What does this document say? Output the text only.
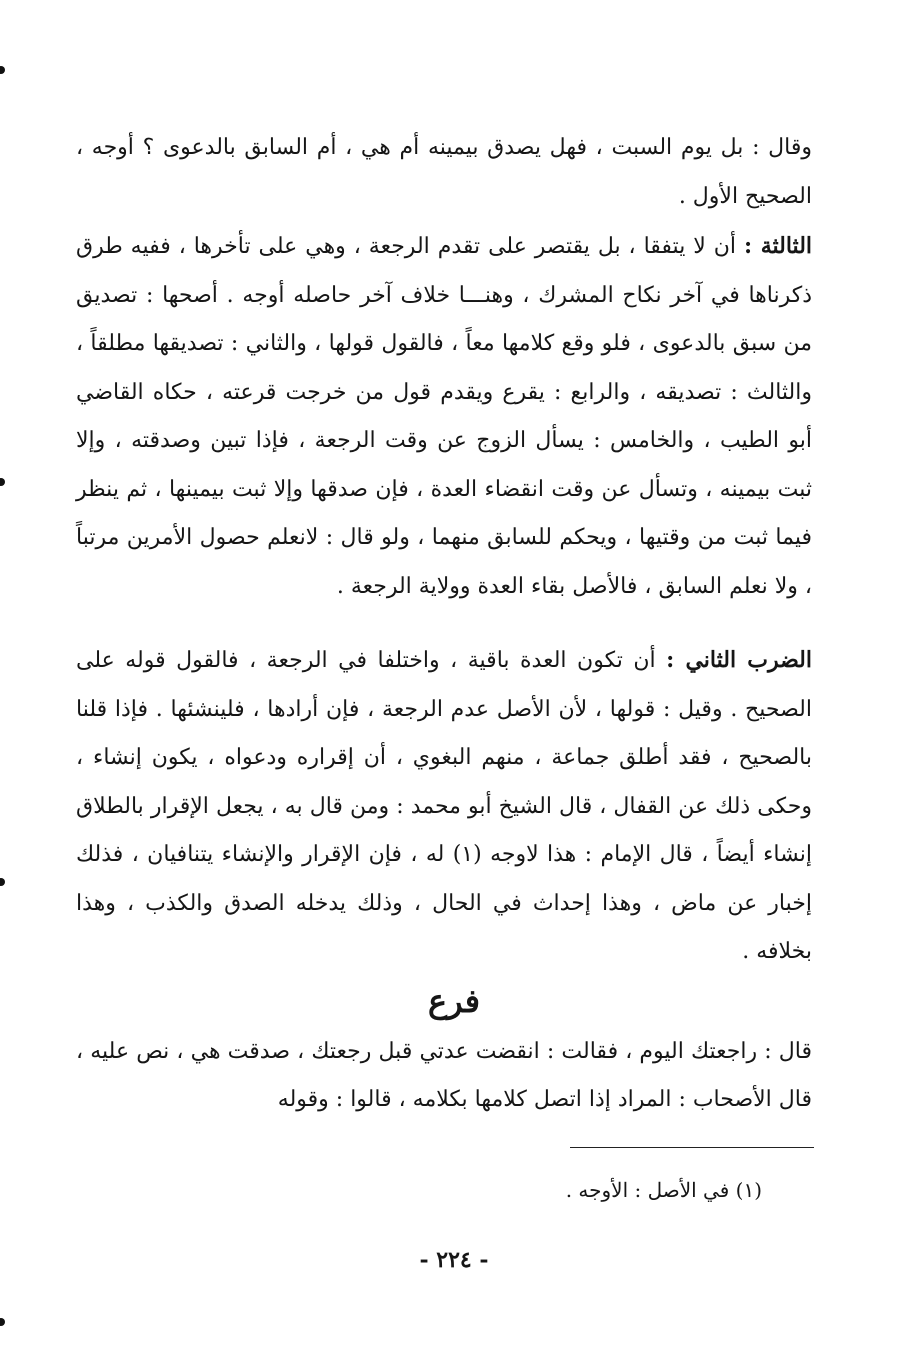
وقال : بل يوم السبت ، فهل يصدق بيمينه أم هي ، أم السابق بالدعوى ؟ أوجه ، الصحيح الأول .

الثالثة : أن لا يتفقا ، بل يقتصر على تقدم الرجعة ، وهي على تأخرها ، ففيه طرق ذكرناها في آخر نكاح المشرك ، وهنـــا خلاف آخر حاصله أوجه . أصحها : تصديق من سبق بالدعوى ، فلو وقع كلامها معاً ، فالقول قولها ، والثاني : تصديقها مطلقاً ، والثالث : تصديقه ، والرابع : يقرع ويقدم قول من خرجت قرعته ، حكاه القاضي أبو الطيب ، والخامس : يسأل الزوج عن وقت الرجعة ، فإذا تبين وصدقته ، وإلا ثبت بيمينه ، وتسأل عن وقت انقضاء العدة ، فإن صدقها وإلا ثبت بيمينها ، ثم ينظر فيما ثبت من وقتيها ، ويحكم للسابق منهما ، ولو قال : لانعلم حصول الأمرين مرتباً ، ولا نعلم السابق ، فالأصل بقاء العدة وولاية الرجعة .

الضرب الثاني : أن تكون العدة باقية ، واختلفا في الرجعة ، فالقول قوله على الصحيح . وقيل : قولها ، لأن الأصل عدم الرجعة ، فإن أرادها ، فلينشئها . فإذا قلنا بالصحيح ، فقد أطلق جماعة ، منهم البغوي ، أن إقراره ودعواه ، يكون إنشاء ، وحكى ذلك عن القفال ، قال الشيخ أبو محمد : ومن قال به ، يجعل الإقرار بالطلاق إنشاء أيضاً ، قال الإمام : هذا لاوجه (١) له ، فإن الإقرار والإنشاء يتنافيان ، فذلك إخبار عن ماض ، وهذا إحداث في الحال ، وذلك يدخله الصدق والكذب ، وهذا بخلافه .

فرع

قال : راجعتك اليوم ، فقالت : انقضت عدتي قبل رجعتك ، صدقت هي ، نص عليه ، قال الأصحاب : المراد إذا اتصل كلامها بكلامه ، قالوا : وقوله

(١) في الأصل : الأوجه .
- ٢٢٤ -
